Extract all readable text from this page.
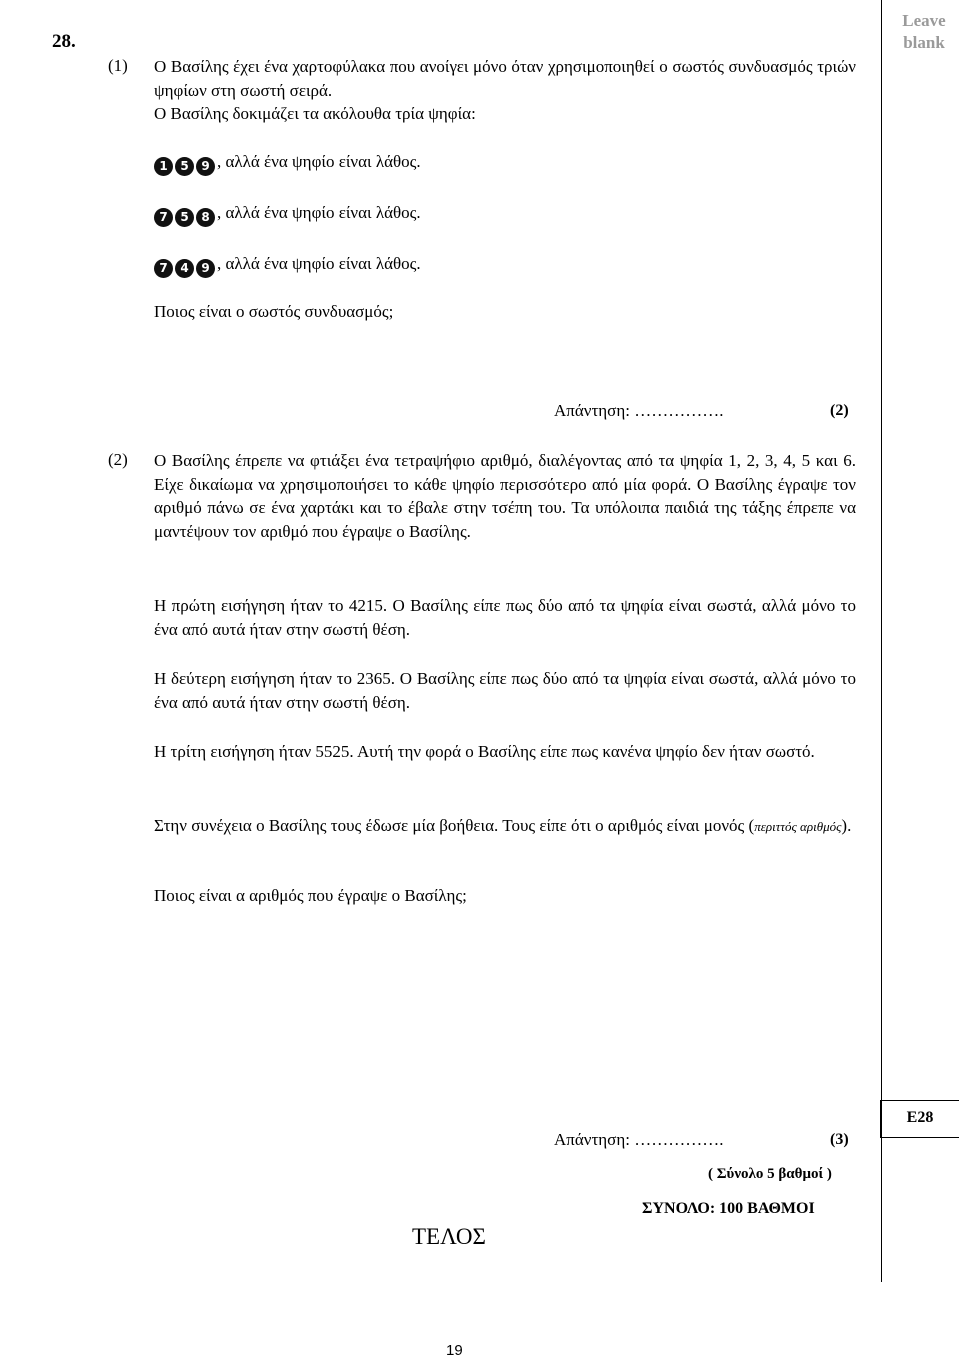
Leave blank
28.
(1) Ο Βασίλης έχει ένα χαρτοφύλακα που ανοίγει μόνο όταν χρησιμοποιηθεί ο σωστός συνδυασμός τριών ψηφίων στη σωστή σειρά.
Ο Βασίλης δοκιμάζει τα ακόλουθα τρία ψηφία:
1 5 9 , αλλά ένα ψηφίο είναι λάθος.
7 5 8 , αλλά ένα ψηφίο είναι λάθος.
7 4 9 , αλλά ένα ψηφίο είναι λάθος.
Ποιος είναι ο σωστός συνδυασμός;
Απάντηση: …………….	(2)
(2) Ο Βασίλης έπρεπε να φτιάξει ένα τετραψήφιο αριθμό, διαλέγοντας από τα ψηφία 1, 2, 3, 4, 5 και 6. Είχε δικαίωμα να χρησιμοποιήσει το κάθε ψηφίο περισσότερο από μία φορά. Ο Βασίλης έγραψε τον αριθμό πάνω σε ένα χαρτάκι και το έβαλε στην τσέπη του. Τα υπόλοιπα παιδιά της τάξης έπρεπε να μαντέψουν τον αριθμό που έγραψε ο Βασίλης.
Η πρώτη εισήγηση ήταν το 4215. Ο Βασίλης είπε πως δύο από τα ψηφία είναι σωστά, αλλά μόνο το ένα από αυτά ήταν στην σωστή θέση.
Η δεύτερη εισήγηση ήταν το 2365. Ο Βασίλης είπε πως δύο από τα ψηφία είναι σωστά, αλλά μόνο το ένα από αυτά ήταν στην σωστή θέση.
Η τρίτη εισήγηση ήταν 5525. Αυτή την φορά ο Βασίλης είπε πως κανένα ψηφίο δεν ήταν σωστό.
Στην συνέχεια ο Βασίλης τους έδωσε μία βοήθεια. Τους είπε ότι ο αριθμός είναι μονός (περιττός αριθμός).
Ποιος είναι α αριθμός που έγραψε ο Βασίλης;
Απάντηση: …………….	(3)
( Σύνολο 5 βαθμοί )
E28
ΣΥΝΟΛΟ: 100 ΒΑΘΜΟΙ
ΤΕΛΟΣ
19
